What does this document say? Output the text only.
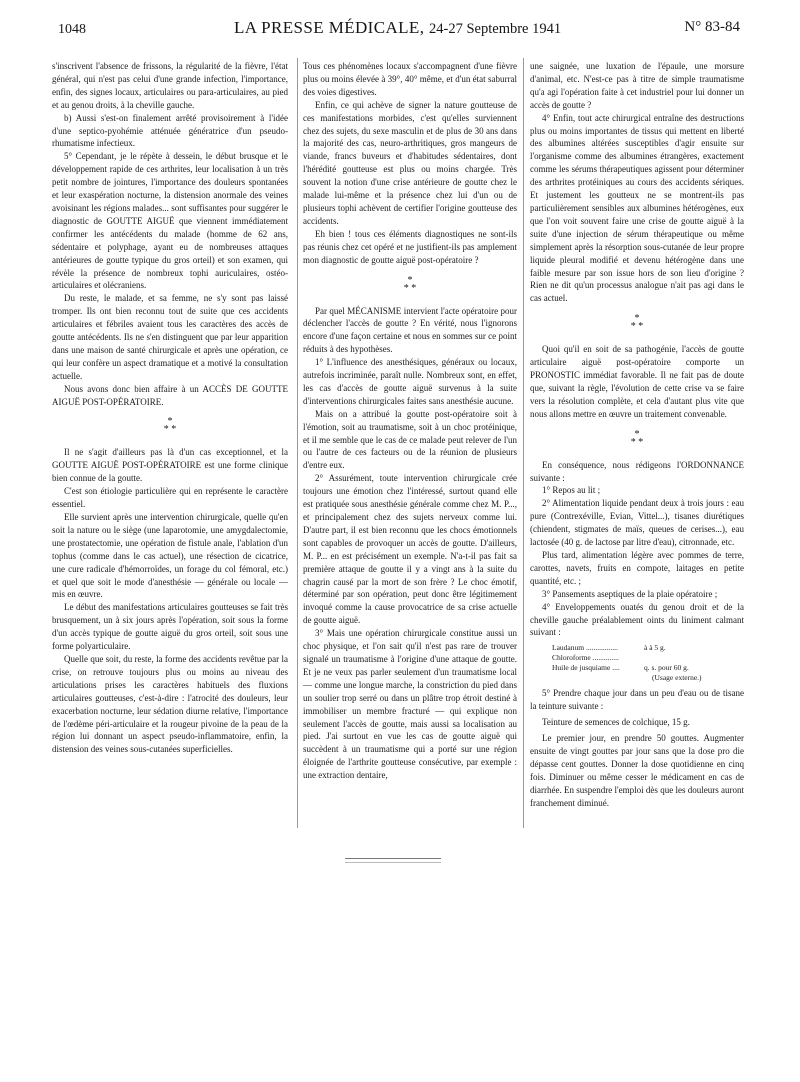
1048	LA PRESSE MÉDICALE, 24-27 Septembre 1941	N° 83-84

s'inscrivent l'absence de frissons, la régularité de la fièvre, l'état général, qui n'est pas celui d'une grande infection, l'importance, enfin, des signes locaux, articulaires ou para-articulaires, au pied et au genou droits, à la cheville gauche.

b) Aussi s'est-on finalement arrêté provisoirement à l'idée d'une septico-pyohémie atténuée génératrice d'un pseudo-rhumatisme infectieux.

5° Cependant, je le répète à dessein, le début brusque et le développement rapide de ces arthrites, leur localisation à un très petit nombre de jointures, l'importance des douleurs spontanées et leur exaspération nocturne, la distension anormale des veines avoisinant les régions malades... sont suffisantes pour suggérer le diagnostic de GOUTTE AIGUË que viennent immédiatement confirmer les antécédents du malade (homme de 62 ans, sédentaire et polyphage, ayant eu de nombreuses attaques antérieures de goutte typique du gros orteil) et son examen, qui révèle la présence de nombreux tophi auriculaires, ostéo-articulaires et olécraniens.

Du reste, le malade, et sa femme, ne s'y sont pas laissé tromper. Ils ont bien reconnu tout de suite que ces accidents articulaires et fébriles avaient tous les caractères des accès de goutte antécédents. Ils ne s'en distinguent que par leur apparition dans une maison de santé chirurgicale et après une opération, ce qui leur confère un aspect dramatique et a motivé la consultation actuelle.

Nous avons donc bien affaire à un ACCÈS DE GOUTTE AIGUË POST-OPÉRATOIRE.

*
* *

Il ne s'agit d'ailleurs pas là d'un cas exceptionnel, et la GOUTTE AIGUË POST-OPÉRATOIRE est une forme clinique bien connue de la goutte.

C'est son étiologie particulière qui en représente le caractère essentiel.

Elle survient après une intervention chirurgicale, quelle qu'en soit la nature ou le siège (une laparotomie, une amygdalectomie, une prostatectomie, une opération de fistule anale, l'ablation d'un tophus (comme dans le cas actuel), une résection de cicatrice, une cure radicale d'hémorroïdes, un forage du col fémoral, etc.) et quel que soit le mode d'anesthésie — générale ou locale — mis en œuvre.

Le début des manifestations articulaires goutteuses se fait très brusquement, un à six jours après l'opération, soit sous la forme d'un accès typique de goutte aiguë du gros orteil, soit sous une forme polyarticulaire.

Quelle que soit, du reste, la forme des accidents revêtue par la crise, on retrouve toujours plus ou moins au niveau des articulations prises les caractères habituels des fluxions articulaires goutteuses, c'est-à-dire : l'atrocité des douleurs, leur exacerbation nocturne, leur sédation diurne relative, l'importance de l'œdème péri-articulaire et la rougeur pivoine de la peau de la région lui donnant un aspect pseudo-inflammatoire, enfin, la distension des veines sous-cutanées superficielles.

Tous ces phénomènes locaux s'accompagnent d'une fièvre plus ou moins élevée à 39°, 40° même, et d'un état saburral des voies digestives.

Enfin, ce qui achève de signer la nature goutteuse de ces manifestations morbides, c'est qu'elles surviennent chez des sujets, du sexe masculin et de plus de 30 ans dans la majorité des cas, neuro-arthritiques, gros mangeurs de viande, francs buveurs et d'habitudes sédentaires, dont l'hérédité goutteuse est plus ou moins chargée. Très souvent la notion d'une crise antérieure de goutte chez le malade lui-même et la présence chez lui d'un ou de plusieurs tophi achèvent de certifier l'origine goutteuse des accidents.

Eh bien ! tous ces éléments diagnostiques ne sont-ils pas réunis chez cet opéré et ne justifient-ils pas amplement mon diagnostic de goutte aiguë post-opératoire ?

*
* *

Par quel MÉCANISME intervient l'acte opératoire pour déclencher l'accès de goutte ? En vérité, nous l'ignorons encore d'une façon certaine et nous en sommes sur ce point réduits à des hypothèses.

1° L'influence des anesthésiques, généraux ou locaux, autrefois incriminée, paraît nulle. Nombreux sont, en effet, les cas d'accès de goutte aiguë survenus à la suite d'interventions chirurgicales faites sans anesthésie aucune.

Mais on a attribué la goutte post-opératoire soit à l'émotion, soit au traumatisme, soit à un choc protéinique, et il me semble que le cas de ce malade peut relever de l'un ou l'autre de ces facteurs ou de la réunion de plusieurs d'entre eux.

2° Assurément, toute intervention chirurgicale crée toujours une émotion chez l'intéressé, surtout quand elle est pratiquée sous anesthésie générale comme chez M. P..., et principalement chez des sujets nerveux comme lui. D'autre part, il est bien reconnu que les chocs émotionnels sont capables de provoquer un accès de goutte. D'ailleurs, M. P... en est précisément un exemple. N'a-t-il pas fait sa première attaque de goutte il y a vingt ans à la suite du chagrin causé par la mort de son frère ? Le choc émotif, déterminé par son opération, peut donc être légitimement invoqué comme la cause provocatrice de sa crise actuelle de goutte aiguë.

3° Mais une opération chirurgicale constitue aussi un choc physique, et l'on sait qu'il n'est pas rare de trouver signalé un traumatisme à l'origine d'une attaque de goutte. Et je ne veux pas parler seulement d'un traumatisme local — comme une longue marche, la constriction du pied dans un soulier trop serré ou dans un plâtre trop étroit destiné à immobiliser un membre fracturé — qui explique non seulement l'accès de goutte, mais aussi sa localisation au pied. J'ai surtout en vue les cas de goutte aiguë qui succèdent à un traumatisme qui a porté sur une région éloignée de l'arthrite goutteuse consécutive, par exemple : une extraction dentaire,

une saignée, une luxation de l'épaule, une morsure d'animal, etc. N'est-ce pas à titre de simple traumatisme qu'a agi l'opération faite à cet industriel pour lui donner un accès de goutte ?

4° Enfin, tout acte chirurgical entraîne des destructions plus ou moins importantes de tissus qui mettent en liberté des albumines altérées susceptibles d'agir ensuite sur l'organisme comme des albumines étrangères, exactement comme les sérums thérapeutiques agissent pour déterminer des arthrites protéiniques au cours des accidents sériques. Et justement les goutteux ne se montrent-ils pas particulièrement sensibles aux albumines hétérogènes, eux que l'on voit souvent faire une crise de goutte aiguë à la suite d'une injection de sérum thérapeutique ou même simplement après la résorption sous-cutanée de leur propre liquide pleural modifié et devenu hétérogène dans une faible mesure par son issue hors de son lieu d'origine ? Rien ne dit qu'un processus analogue n'ait pas agi dans le cas actuel.

*
* *

Quoi qu'il en soit de sa pathogénie, l'accès de goutte articulaire aiguë post-opératoire comporte un PRONOSTIC immédiat favorable. Il ne fait pas de doute que, suivant la règle, l'évolution de cette crise va se faire vers la résolution complète, et cela d'autant plus vite que nous allons mettre en œuvre un traitement convenable.

*
* *

En conséquence, nous rédigeons l'ORDONNANCE suivante :

1° Repos au lit ;

2° Alimentation liquide pendant deux à trois jours : eau pure (Contrexéville, Evian, Vittel...), tisanes diurétiques (chiendent, stigmates de maïs, queues de cerises...), eau lactosée (40 g. de lactose par litre d'eau), citronnade, etc.

Plus tard, alimentation légère avec pommes de terre, carottes, navets, fruits en compote, laitages en petite quantité, etc. ;

3° Pansements aseptiques de la plaie opératoire ;

4° Enveloppements ouatés du genou droit et de la cheville gauche préalablement oints du liniment calmant suivant :

Laudanum .................	à à 5 g.
Chloroforme ..............
Huile de jusquiame ....	q. s. pour 60 g.
(Usage externe.)

5° Prendre chaque jour dans un peu d'eau ou de tisane la teinture suivante :

Teinture de semences de colchique, 15 g.

Le premier jour, en prendre 50 gouttes. Augmenter ensuite de vingt gouttes par jour sans que la dose pro die dépasse cent gouttes. Donner la dose quotidienne en cinq fois. Diminuer ou même cesser le médicament en cas de diarrhée. En suspendre l'emploi dès que les douleurs auront franchement diminué.
